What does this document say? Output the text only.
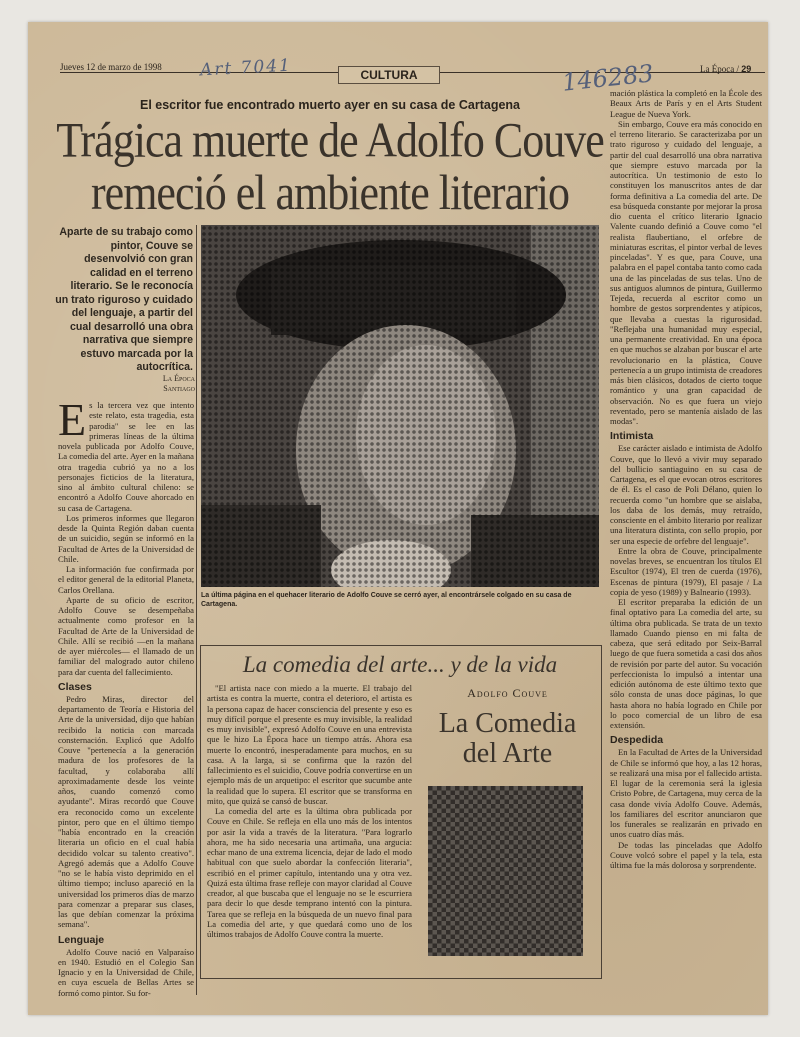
Jueves 12 de marzo de 1998
CULTURA	La Época / 29
Art 7041	146283
El escritor fue encontrado muerto ayer en su casa de Cartagena
Trágica muerte de Adolfo Couve
remeció el ambiente literario
Aparte de su trabajo como pintor, Couve se desenvolvió con gran calidad en el terreno literario. Se le reconocía un trato riguroso y cuidado del lenguaje, a partir del cual desarrolló una obra narrativa que siempre estuvo marcada por la autocrítica.
La Época
Santiago

Es la tercera vez que intento este relato, esta tragedia, esta parodia" se lee en las primeras líneas de la última novela publicada por Adolfo Couve, La comedia del arte. Ayer en la mañana otra tragedia cubrió ya no a los personajes ficticios de la literatura, sino al ámbito cultural chileno: se encontró a Adolfo Couve ahorcado en su casa de Cartagena.

Los primeros informes que llegaron desde la Quinta Región daban cuenta de un suicidio, según se informó en la Facultad de Artes de la Universidad de Chile.

La información fue confirmada por el editor general de la editorial Planeta, Carlos Orellana.

Aparte de su oficio de escritor, Adolfo Couve se desempeñaba actualmente como profesor en la Facultad de Arte de la Universidad de Chile. Allí se recibió —en la mañana de ayer miércoles— el llamado de un familiar del malogrado autor chileno para dar cuenta del fallecimiento.

Clases

Pedro Miras, director del departamento de Teoría e Historia del Arte de la universidad, dijo que habían recibido la noticia con marcada consternación. Explicó que Adolfo Couve "pertenecía a la generación madura de los profesores de la facultad, y colaboraba allí aproximadamente desde los veinte años, cuando comenzó como ayudante". Miras recordó que Couve era reconocido como un excelente pintor, pero que en el último tiempo "había encontrado en la creación literaria un oficio en el cual había decidido volcar su talento creativo". Agregó además que a Adolfo Couve "no se le había visto deprimido en el último tiempo; incluso apareció en la universidad los primeros días de marzo para comenzar a preparar sus clases, las que debían comenzar la próxima semana".

Lenguaje

Adolfo Couve nació en Valparaíso en 1940. Estudió en el Colegio San Ignacio y en la Universidad de Chile, en cuya escuela de Bellas Artes se formó como pintor. Su for-

La última página en el quehacer literario de Adolfo Couve se cerró ayer, al encontrársele colgado en su casa de Cartagena.
La comedia del arte... y de la vida

"El artista nace con miedo a la muerte. El trabajo del artista es contra la muerte, contra el deterioro, el artista es la persona capaz de hacer consciencia del presente y eso es muy difícil porque el presente es muy invisible, la realidad es muy invisible", expresó Adolfo Couve en una entrevista que le hizo La Época hace un tiempo atrás. Ahora esa muerte lo encontró, inesperadamente para muchos, en su casa. A la larga, si se confirma que la razón del fallecimiento es el suicidio, Couve podría convertirse en un ejemplo más de un arquetipo: el escritor que sucumbe ante la realidad que lo supera. El escritor que se transforma en mito, que quizá se cansó de buscar.

La comedia del arte es la última obra publicada por Couve en Chile. Se refleja en ella uno más de los intentos por asir la vida a través de la literatura. "Para lograrlo ahora, me ha sido necesaria una artimaña, una argucia: echar mano de una extrema licencia, dejar de lado el modo habitual con que suelo abordar la confección literaria", escribió en el primer capítulo, intentando una y otra vez. Quizá esta última frase refleje con mayor claridad al Couve creador, al que buscaba que el lenguaje no se le escurriera para decir lo que desde temprano intentó con la pintura. Tarea que se refleja en la búsqueda de un nuevo final para La comedia del arte, y que quedará como uno de los últimos trabajos de Adolfo Couve contra la muerte.

Adolfo Couve
La Comedia
del Arte

mación plástica la completó en la École des Beaux Arts de París y en el Arts Student League de Nueva York.

Sin embargo, Couve era más conocido en el terreno literario. Se caracterizaba por un trato riguroso y cuidado del lenguaje, a partir del cual desarrolló una obra narrativa que siempre estuvo marcada por la autocrítica. Un testimonio de esto lo constituyen los manuscritos antes de dar forma definitiva a La comedia del arte. De esa búsqueda constante por mejorar la prosa dio cuenta el crítico literario Ignacio Valente cuando definió a Couve como "el realista flaubertiano, el orfebre de miniaturas escritas, el pintor verbal de leves pinceladas". Y es que, para Couve, una palabra en el papel contaba tanto como cada una de las pinceladas de sus telas. Uno de sus antiguos alumnos de pintura, Guillermo Tejeda, recuerda al escritor como un hombre de gestos sorprendentes y atípicos, que llevaba a cuestas la rigurosidad. "Reflejaba una humanidad muy especial, una permanente creatividad. En una época en que muchos se alzaban por buscar el arte revolucionario en la plástica, Couve pertenecía a un grupo intimista de creadores más bien clásicos, dotados de cierto toque romántico y una gran capacidad de observación. No es que fuera un viejo reventado, pero se mantenía aislado de las modas".

Intimista

Ese carácter aislado e intimista de Adolfo Couve, que lo llevó a vivir muy separado del bullicio santiaguino en su casa de Cartagena, es el que evocan otros escritores de él. Es el caso de Poli Délano, quien lo recuerda como "un hombre que se aislaba, los daba de los demás, muy retraído, consciente en el ámbito literario por realizar una literatura distinta, con sello propio, por ser una especie de orfebre del lenguaje".

Entre la obra de Couve, principalmente novelas breves, se encuentran los títulos El Escultor (1974), El tren de cuerda (1976), Escenas de pintura (1979), El pasaje / La copia de yeso (1989) y Balneario (1993).

El escritor preparaba la edición de un final optativo para La comedia del arte, su última obra publicada. Se trata de un texto llamado Cuando pienso en mi falta de cabeza, que será editado por Seix-Barral luego de que fuera sometida a casi dos años de revisión por parte del autor. Su vocación perfeccionista lo impulsó a intentar una edición autónoma de este último texto que sólo consta de unas doce páginas, lo que hasta ahora no había logrado en Chile por lo poco comercial de un libro de esa extensión.

Despedida

En la Facultad de Artes de la Universidad de Chile se informó que hoy, a las 12 horas, se realizará una misa por el fallecido artista. El lugar de la ceremonia será la iglesia Cristo Pobre, de Cartagena, muy cerca de la casa donde vivía Adolfo Couve. Además, los familiares del escritor anunciaron que los funerales se realizarán en privado en unos cuatro días más.

De todas las pinceladas que Adolfo Couve volcó sobre el papel y la tela, esta última fue la más dolorosa y sorprendente.
